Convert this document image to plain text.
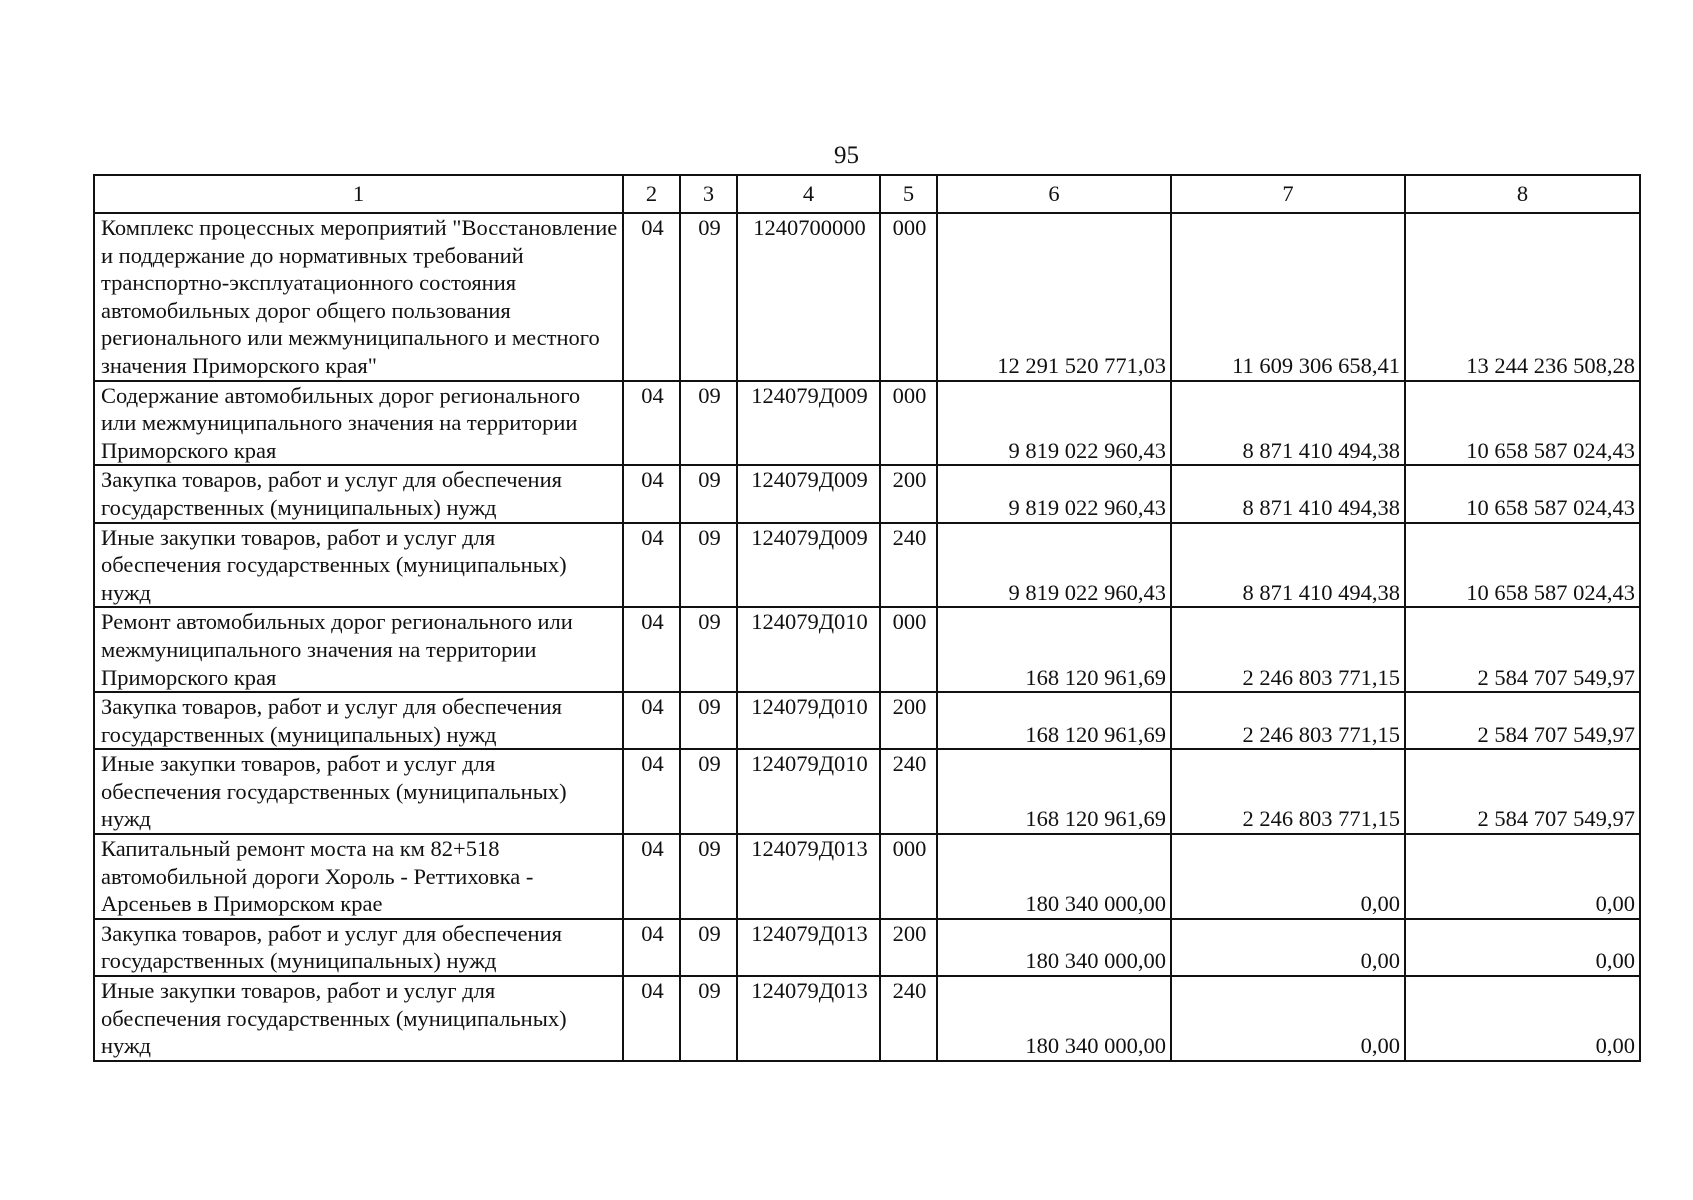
95
1	2	3	4	5	6	7	8
Комплекс процессных мероприятий "Восстановление и поддержание до нормативных требований транспортно-эксплуатационного состояния автомобильных дорог общего пользования регионального или межмуниципального и местного значения Приморского края"	04	09	1240700000	000	12 291 520 771,03	11 609 306 658,41	13 244 236 508,28
Содержание автомобильных дорог регионального или межмуниципального значения на территории Приморского края	04	09	124079Д009	000	9 819 022 960,43	8 871 410 494,38	10 658 587 024,43
Закупка товаров, работ и услуг для обеспечения государственных (муниципальных) нужд	04	09	124079Д009	200	9 819 022 960,43	8 871 410 494,38	10 658 587 024,43
Иные закупки товаров, работ и услуг для обеспечения государственных (муниципальных) нужд	04	09	124079Д009	240	9 819 022 960,43	8 871 410 494,38	10 658 587 024,43
Ремонт автомобильных дорог регионального или межмуниципального значения на территории Приморского края	04	09	124079Д010	000	168 120 961,69	2 246 803 771,15	2 584 707 549,97
Закупка товаров, работ и услуг для обеспечения государственных (муниципальных) нужд	04	09	124079Д010	200	168 120 961,69	2 246 803 771,15	2 584 707 549,97
Иные закупки товаров, работ и услуг для обеспечения государственных (муниципальных) нужд	04	09	124079Д010	240	168 120 961,69	2 246 803 771,15	2 584 707 549,97
Капитальный ремонт моста на км 82+518 автомобильной дороги Хороль - Реттиховка - Арсеньев в Приморском крае	04	09	124079Д013	000	180 340 000,00	0,00	0,00
Закупка товаров, работ и услуг для обеспечения государственных (муниципальных) нужд	04	09	124079Д013	200	180 340 000,00	0,00	0,00
Иные закупки товаров, работ и услуг для обеспечения государственных (муниципальных) нужд	04	09	124079Д013	240	180 340 000,00	0,00	0,00
